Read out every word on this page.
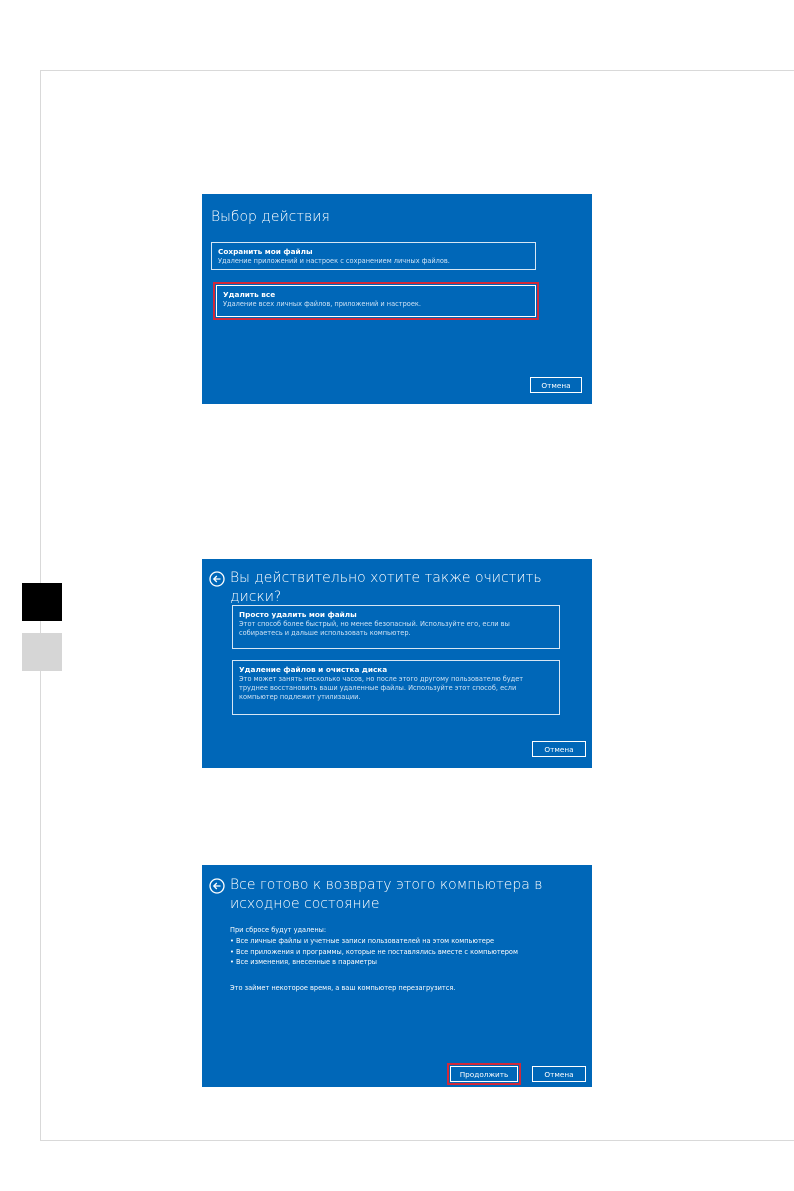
Выбор действия
Сохранить мои файлы
Удаление приложений и настроек с сохранением личных файлов.
Удалить все
Удаление всех личных файлов, приложений и настроек.
Отмена
Вы действительно хотите также очистить диски?
Просто удалить мои файлы
Этот способ более быстрый, но менее безопасный. Используйте его, если вы собираетесь и дальше использовать компьютер.
Удаление файлов и очистка диска
Это может занять несколько часов, но после этого другому пользователю будет труднее восстановить ваши удаленные файлы. Используйте этот способ, если компьютер подлежит утилизации.
Отмена
Все готово к возврату этого компьютера в исходное состояние
При сбросе будут удалены:
• Все личные файлы и учетные записи пользователей на этом компьютере
• Все приложения и программы, которые не поставлялись вместе с компьютером
• Все изменения, внесенные в параметры
Это займет некоторое время, а ваш компьютер перезагрузится.
Продолжить	Отмена
